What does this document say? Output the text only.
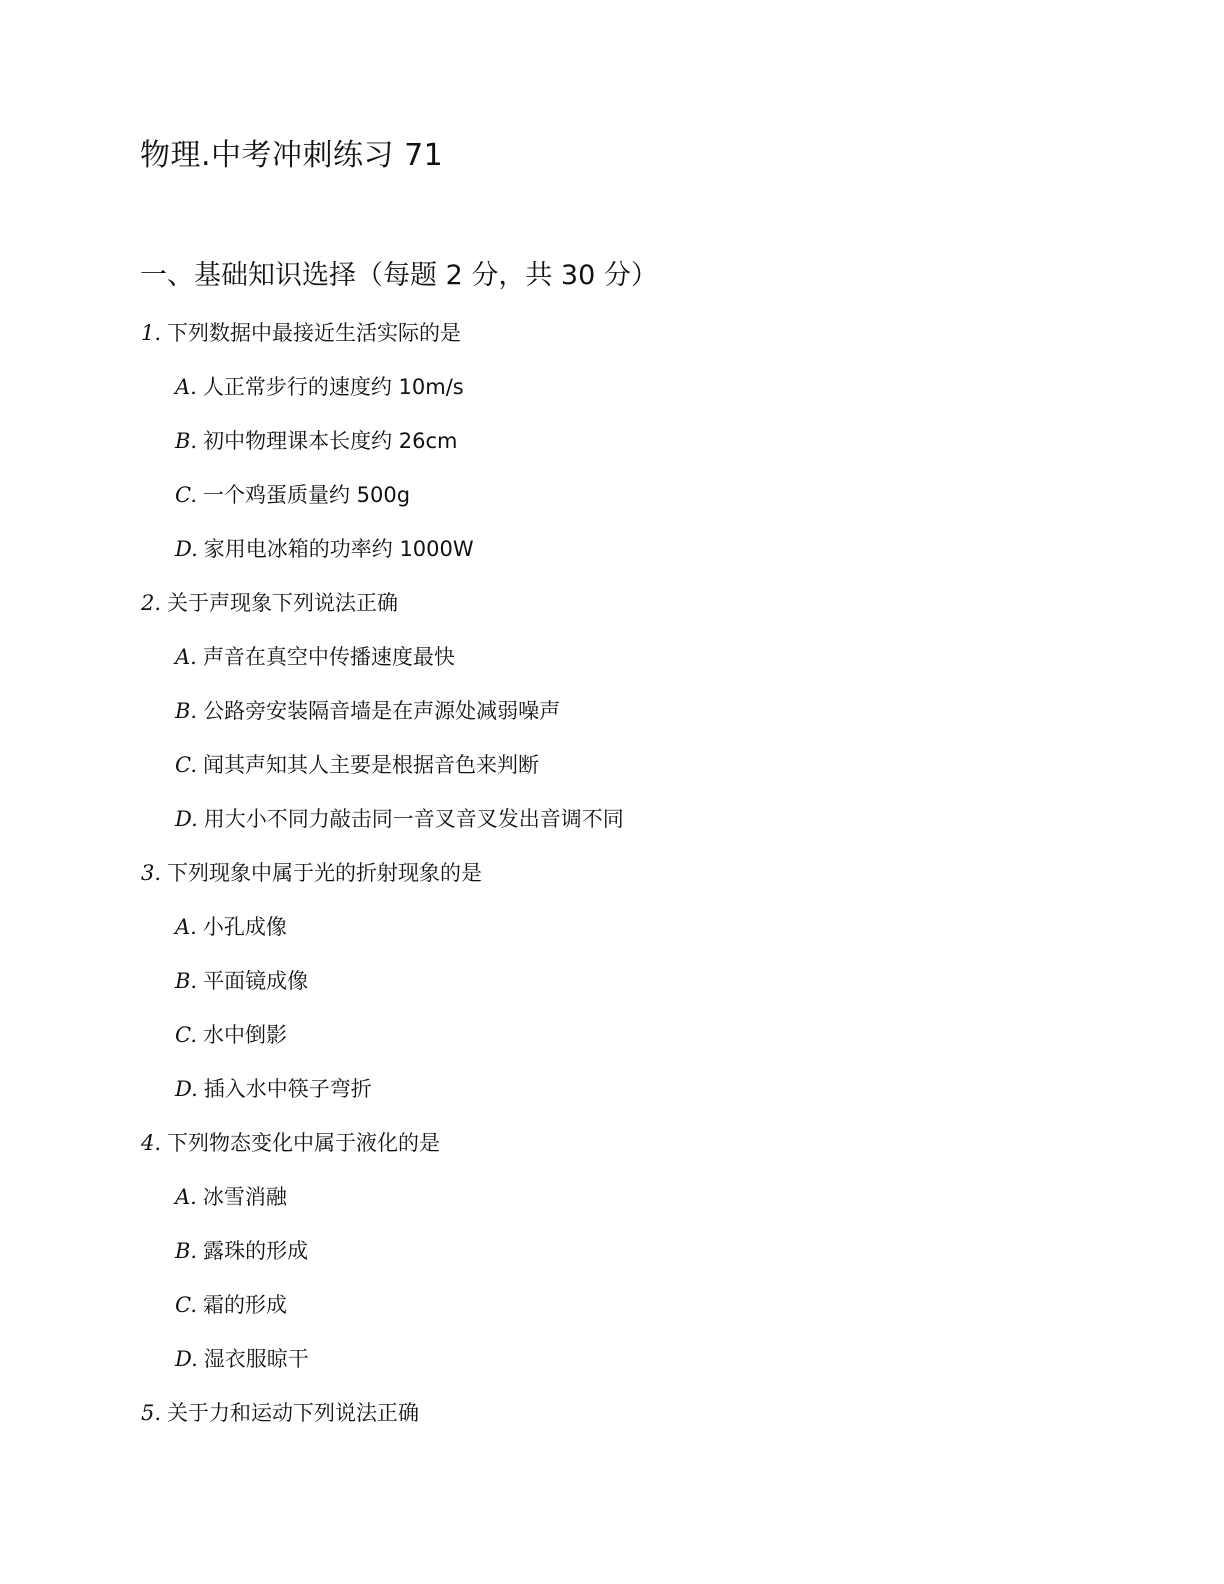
物理.中考冲刺练习 71
一、基础知识选择（每题 2 分，共 30 分）
1. 下列数据中最接近生活实际的是
A. 人正常步行的速度约 10m/s
B. 初中物理课本长度约 26cm
C. 一个鸡蛋质量约 500g
D. 家用电冰箱的功率约 1000W
2. 关于声现象下列说法正确
A. 声音在真空中传播速度最快
B. 公路旁安装隔音墙是在声源处减弱噪声
C. 闻其声知其人主要是根据音色来判断
D. 用大小不同力敲击同一音叉音叉发出音调不同
3. 下列现象中属于光的折射现象的是
A. 小孔成像
B. 平面镜成像
C. 水中倒影
D. 插入水中筷子弯折
4. 下列物态变化中属于液化的是
A. 冰雪消融
B. 露珠的形成
C. 霜的形成
D. 湿衣服晾干
5. 关于力和运动下列说法正确
